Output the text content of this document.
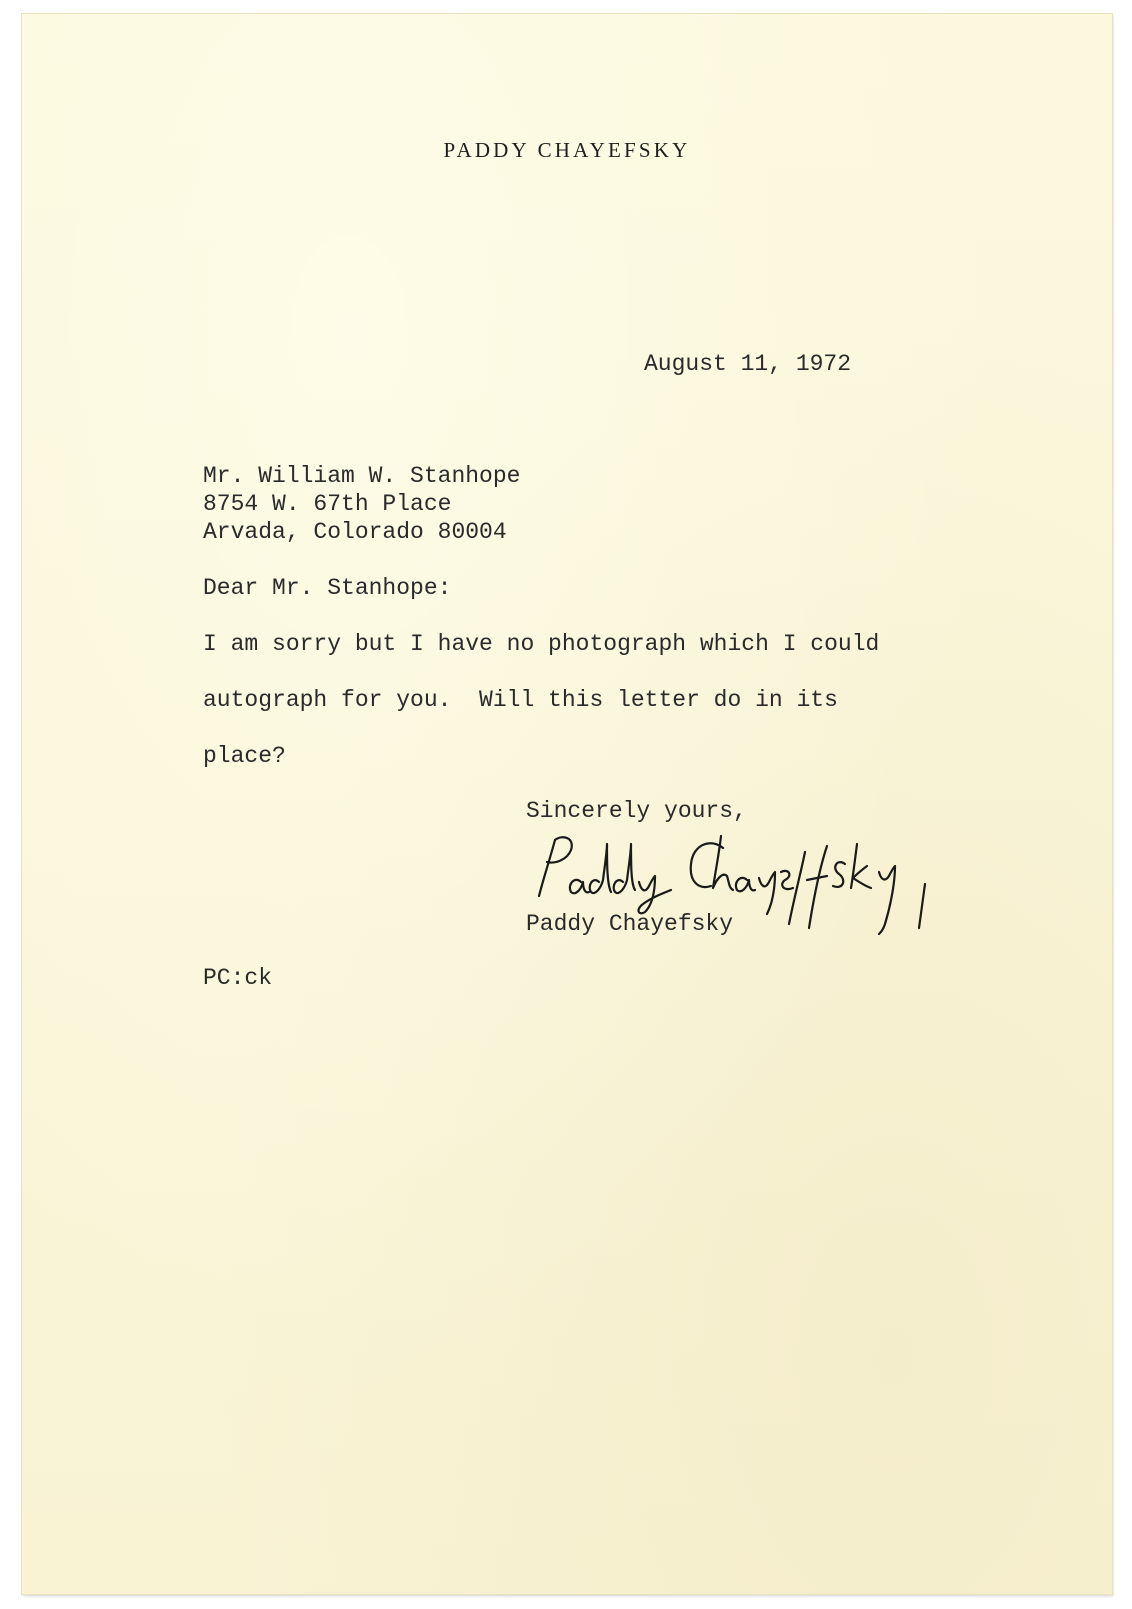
PADDY CHAYEFSKY
August 11, 1972
Mr. William W. Stanhope
8754 W. 67th Place
Arvada, Colorado 80004
Dear Mr. Stanhope:
I am sorry but I have no photograph which I could
autograph for you.  Will this letter do in its
place?
Sincerely yours,
Paddy Chayefsky
PC:ck
